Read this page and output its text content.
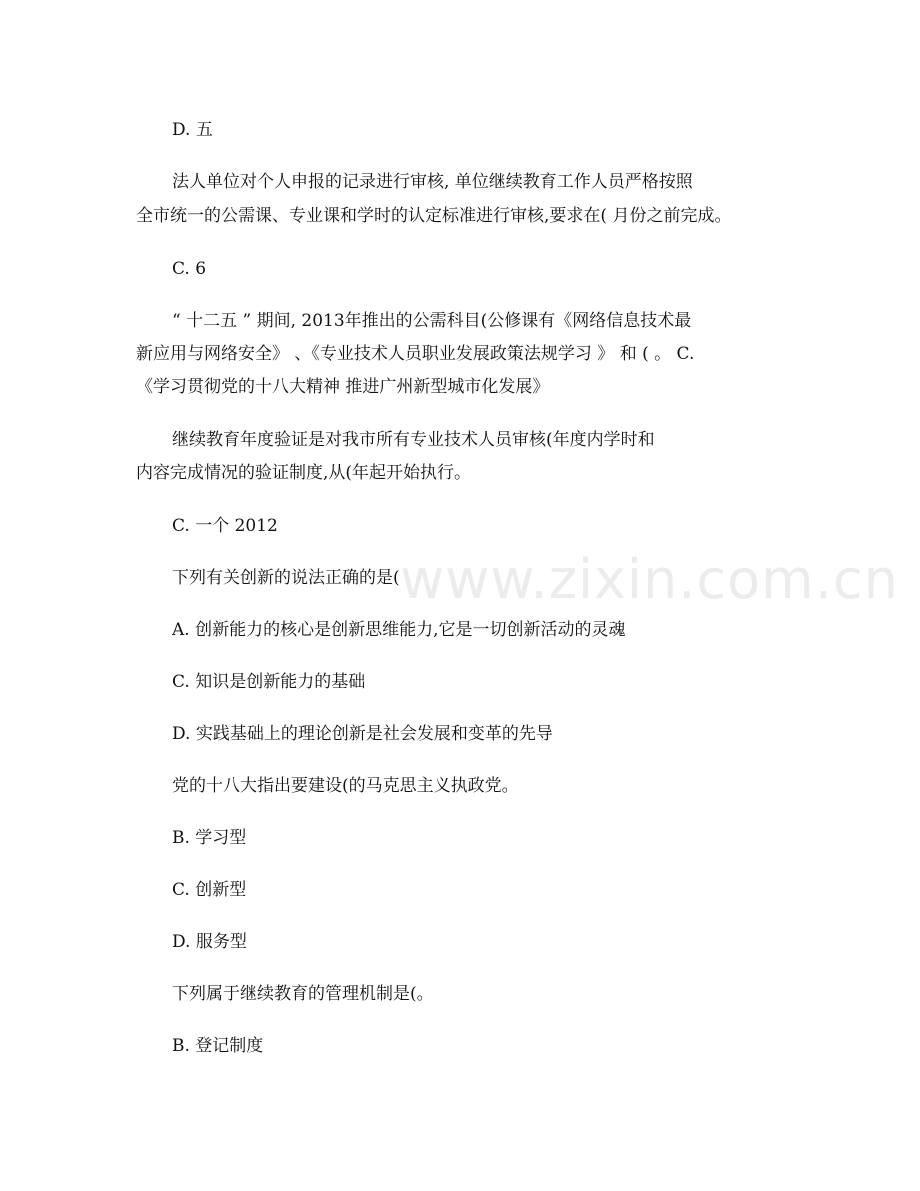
www.zixin.com.cn
D. 五
法人单位对个人申报的记录进行审核, 单位继续教育工作人员严格按照
全市统一的公需课、专业课和学时的认定标准进行审核,要求在( 月份之前完成。
C. 6
“ 十二五 ” 期间, 2013年推出的公需科目(公修课有《网络信息技术最
新应用与网络安全》 、《专业技术人员职业发展政策法规学习 》 和 ( 。 C.
《学习贯彻党的十八大精神 推进广州新型城市化发展》
继续教育年度验证是对我市所有专业技术人员审核(年度内学时和
内容完成情况的验证制度,从(年起开始执行。
C. 一个 2012
下列有关创新的说法正确的是(
A. 创新能力的核心是创新思维能力,它是一切创新活动的灵魂
C. 知识是创新能力的基础
D. 实践基础上的理论创新是社会发展和变革的先导
党的十八大指出要建设(的马克思主义执政党。
B. 学习型
C. 创新型
D. 服务型
下列属于继续教育的管理机制是(。
B. 登记制度
